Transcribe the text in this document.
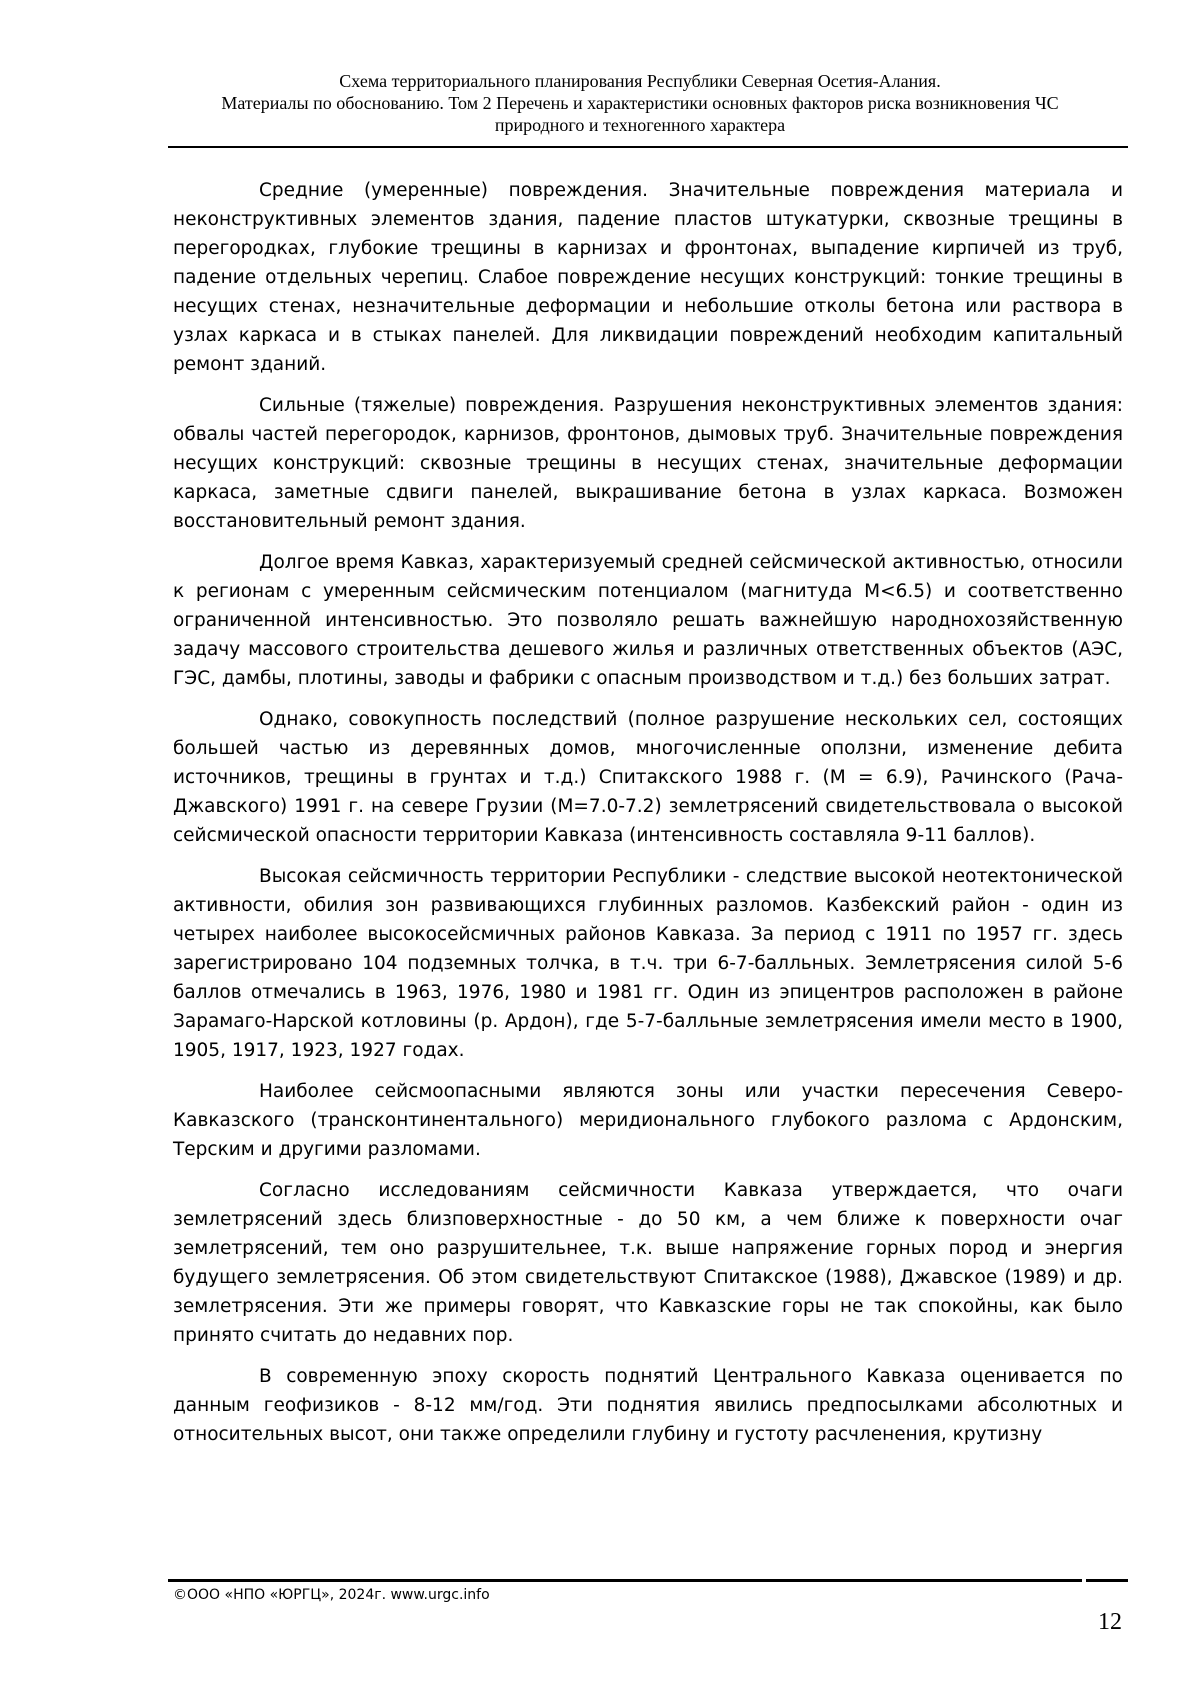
Схема территориального планирования Республики Северная Осетия-Алания.
Материалы по обоснованию. Том 2 Перечень и характеристики основных факторов риска возникновения ЧС
природного и техногенного характера

Средние (умеренные) повреждения. Значительные повреждения материала и неконструктивных элементов здания, падение пластов штукатурки, сквозные трещины в перегородках, глубокие трещины в карнизах и фронтонах, выпадение кирпичей из труб, падение отдельных черепиц. Слабое повреждение несущих конструкций: тонкие трещины в несущих стенах, незначительные деформации и небольшие отколы бетона или раствора в узлах каркаса и в стыках панелей. Для ликвидации повреждений необходим капитальный ремонт зданий.

Сильные (тяжелые) повреждения. Разрушения неконструктивных элементов здания: обвалы частей перегородок, карнизов, фронтонов, дымовых труб. Значительные повреждения несущих конструкций: сквозные трещины в несущих стенах, значительные деформации каркаса, заметные сдвиги панелей, выкрашивание бетона в узлах каркаса. Возможен восстановительный ремонт здания.

Долгое время Кавказ, характеризуемый средней сейсмической активностью, относили к регионам с умеренным сейсмическим потенциалом (магнитуда M<6.5) и соответственно ограниченной интенсивностью. Это позволяло решать важнейшую народнохозяйственную задачу массового строительства дешевого жилья и различных ответственных объектов (АЭС, ГЭС, дамбы, плотины, заводы и фабрики с опасным производством и т.д.) без больших затрат.

Однако, совокупность последствий (полное разрушение нескольких сел, состоящих большей частью из деревянных домов, многочисленные оползни, изменение дебита источников, трещины в грунтах и т.д.) Спитакского 1988 г. (M = 6.9), Рачинского (Рача-Джавского) 1991 г. на севере Грузии (M=7.0-7.2) землетрясений свидетельствовала о высокой сейсмической опасности территории Кавказа (интенсивность составляла 9-11 баллов).

Высокая сейсмичность территории Республики - следствие высокой неотектонической активности, обилия зон развивающихся глубинных разломов. Казбекский район - один из четырех наиболее высокосейсмичных районов Кавказа. За период с 1911 по 1957 гг. здесь зарегистрировано 104 подземных толчка, в т.ч. три 6-7-балльных. Землетрясения силой 5-6 баллов отмечались в 1963, 1976, 1980 и 1981 гг. Один из эпицентров расположен в районе Зарамаго-Нарской котловины (р. Ардон), где 5-7-балльные землетрясения имели место в 1900, 1905, 1917, 1923, 1927 годах.

Наиболее сейсмоопасными являются зоны или участки пересечения Северо-Кавказского (трансконтинентального) меридионального глубокого разлома с Ардонским, Терским и другими разломами.

Согласно исследованиям сейсмичности Кавказа утверждается, что очаги землетрясений здесь близповерхностные - до 50 км, а чем ближе к поверхности очаг землетрясений, тем оно разрушительнее, т.к. выше напряжение горных пород и энергия будущего землетрясения. Об этом свидетельствуют Спитакское (1988), Джавское (1989) и др. землетрясения. Эти же примеры говорят, что Кавказские горы не так спокойны, как было принято считать до недавних пор.

В современную эпоху скорость поднятий Центрального Кавказа оценивается по данным геофизиков - 8-12 мм/год. Эти поднятия явились предпосылками абсолютных и относительных высот, они также определили глубину и густоту расчленения, крутизну

©ООО «НПО «ЮРГЦ», 2024г. www.urgc.info
12
